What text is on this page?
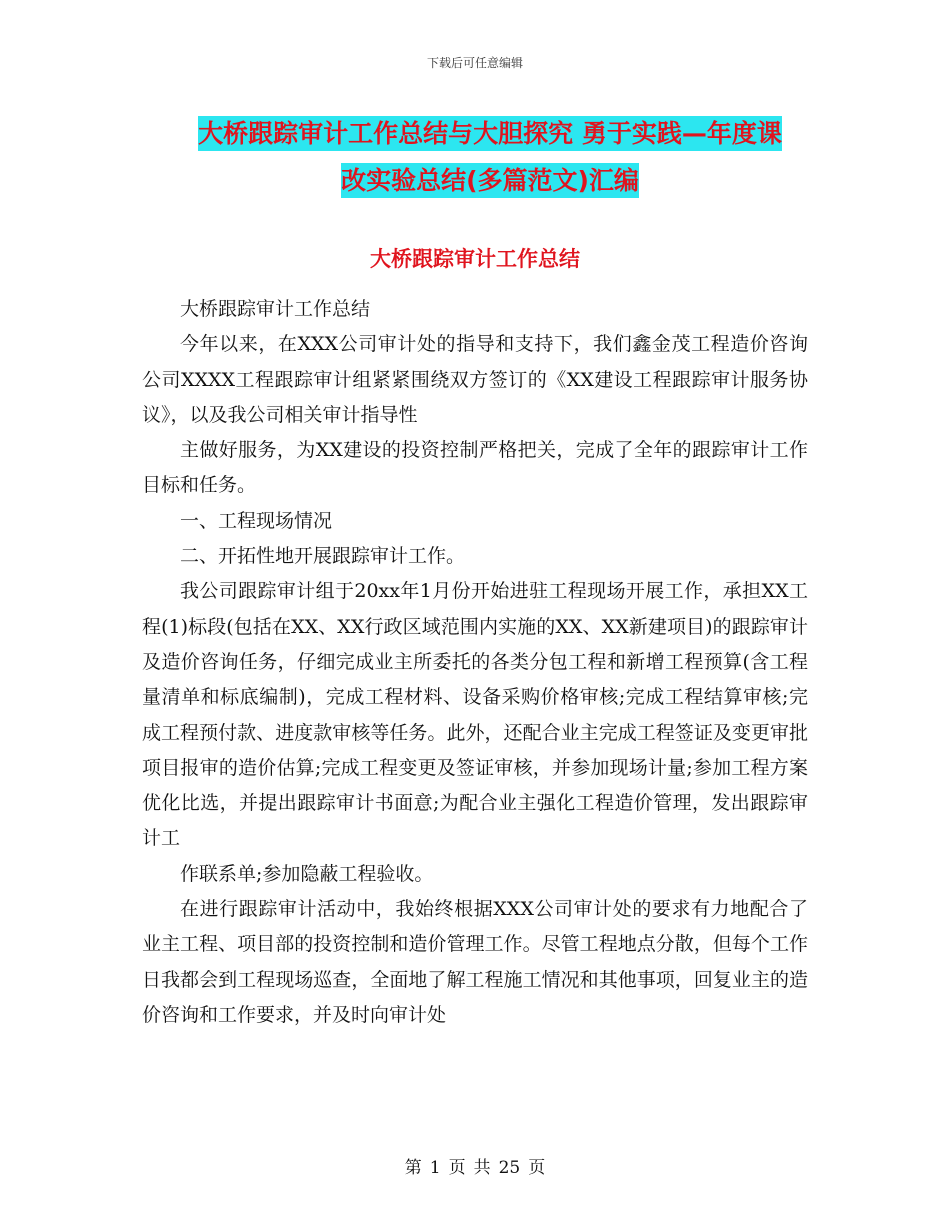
下载后可任意编辑
大桥跟踪审计工作总结与大胆探究 勇于实践—年度课
改实验总结(多篇范文)汇编
大桥跟踪审计工作总结

大桥跟踪审计工作总结

今年以来，在XXX公司审计处的指导和支持下，我们鑫金茂工程造价咨询公司XXXX工程跟踪审计组紧紧围绕双方签订的《XX建设工程跟踪审计服务协议》，以及我公司相关审计指导性

主做好服务，为XX建设的投资控制严格把关，完成了全年的跟踪审计工作目标和任务。

一、工程现场情况

二、开拓性地开展跟踪审计工作。

我公司跟踪审计组于20xx年1月份开始进驻工程现场开展工作，承担XX工程(1)标段(包括在XX、XX行政区域范围内实施的XX、XX新建项目)的跟踪审计及造价咨询任务，仔细完成业主所委托的各类分包工程和新增工程预算(含工程量清单和标底编制)，完成工程材料、设备采购价格审核;完成工程结算审核;完成工程预付款、进度款审核等任务。此外，还配合业主完成工程签证及变更审批项目报审的造价估算;完成工程变更及签证审核，并参加现场计量;参加工程方案优化比选，并提出跟踪审计书面意;为配合业主强化工程造价管理，发出跟踪审计工

作联系单;参加隐蔽工程验收。

在进行跟踪审计活动中，我始终根据XXX公司审计处的要求有力地配合了业主工程、项目部的投资控制和造价管理工作。尽管工程地点分散，但每个工作日我都会到工程现场巡查，全面地了解工程施工情况和其他事项，回复业主的造价咨询和工作要求，并及时向审计处

第 1 页 共 25 页
